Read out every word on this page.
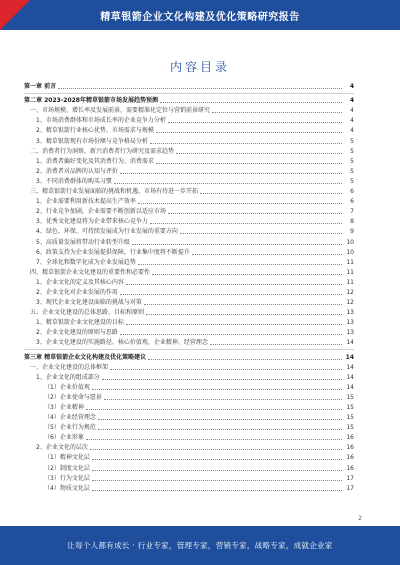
精草银箭企业文化构建及优化策略研究报告
内容目录
第一章 前言	4
第二章 2023-2028年精草银箭市场发展趋势预测	4
一、市场规模、增长率及发展前景，需要精准化定位与营销前景研究	4
1、市场消费群体和市场成长率的企业竞争力分析	4
2、精草银箭行业核心优势、市场需求与规模	4
3、精草银箭现有市场份额与竞争格局分析	5
二、消费者行为洞察，新兴消费者行为研究及需求趋势	5
1、消费者偏好变化及其消费行为、消费需求	5
2、消费者对品牌的认知与评价	5
3、不同消费群体的购买习惯	5
三、精草银箭行业发展面临的挑战和机遇、市场有待进一步开拓	6
1、企业需要利用新技术提高生产效率	6
2、行业竞争加剧，企业需要不断创新以适应市场	7
3、优秀文化建设将为企业带来核心竞争力	8
4、绿色、环保、可持续发展成为行业发展的重要方向	9
5、高质量发展将带动行业转型升级	10
6、政策支持为企业发展提供保障，行业集中度将不断提升	10
7、全球化和数字化成为企业发展趋势	11
四、精草银箭企业文化建设的重要性和必要性	11
1、企业文化的定义及其核心内容	11
2、企业文化对企业发展的作用	12
3、现代企业文化建设面临的挑战与对策	12
五、企业文化建设的总体思路、目标和原则	13
1、精草银箭企业文化建设的目标	13
2、企业文化建设的原则与思路	13
3、企业文化建设的实施路径、核心价值观、企业精神、经营理念	14
第三章 精草银箭企业文化构建及优化策略建议	14
一、企业文化建设的总体框架	14
1、企业文化的组成部分	14
（1）企业价值观	14
（2）企业使命与愿景	15
（3）企业精神	15
（4）企业经营理念	15
（5）企业行为规范	15
（6）企业形象	16
2、企业文化的层次	16
（1）精神文化层	16
（2）制度文化层	16
（3）行为文化层	17
（4）物质文化层	17
2
让每个人都有成长 · 行业专家，管理专家，营销专家，战略专家，成就企业家
